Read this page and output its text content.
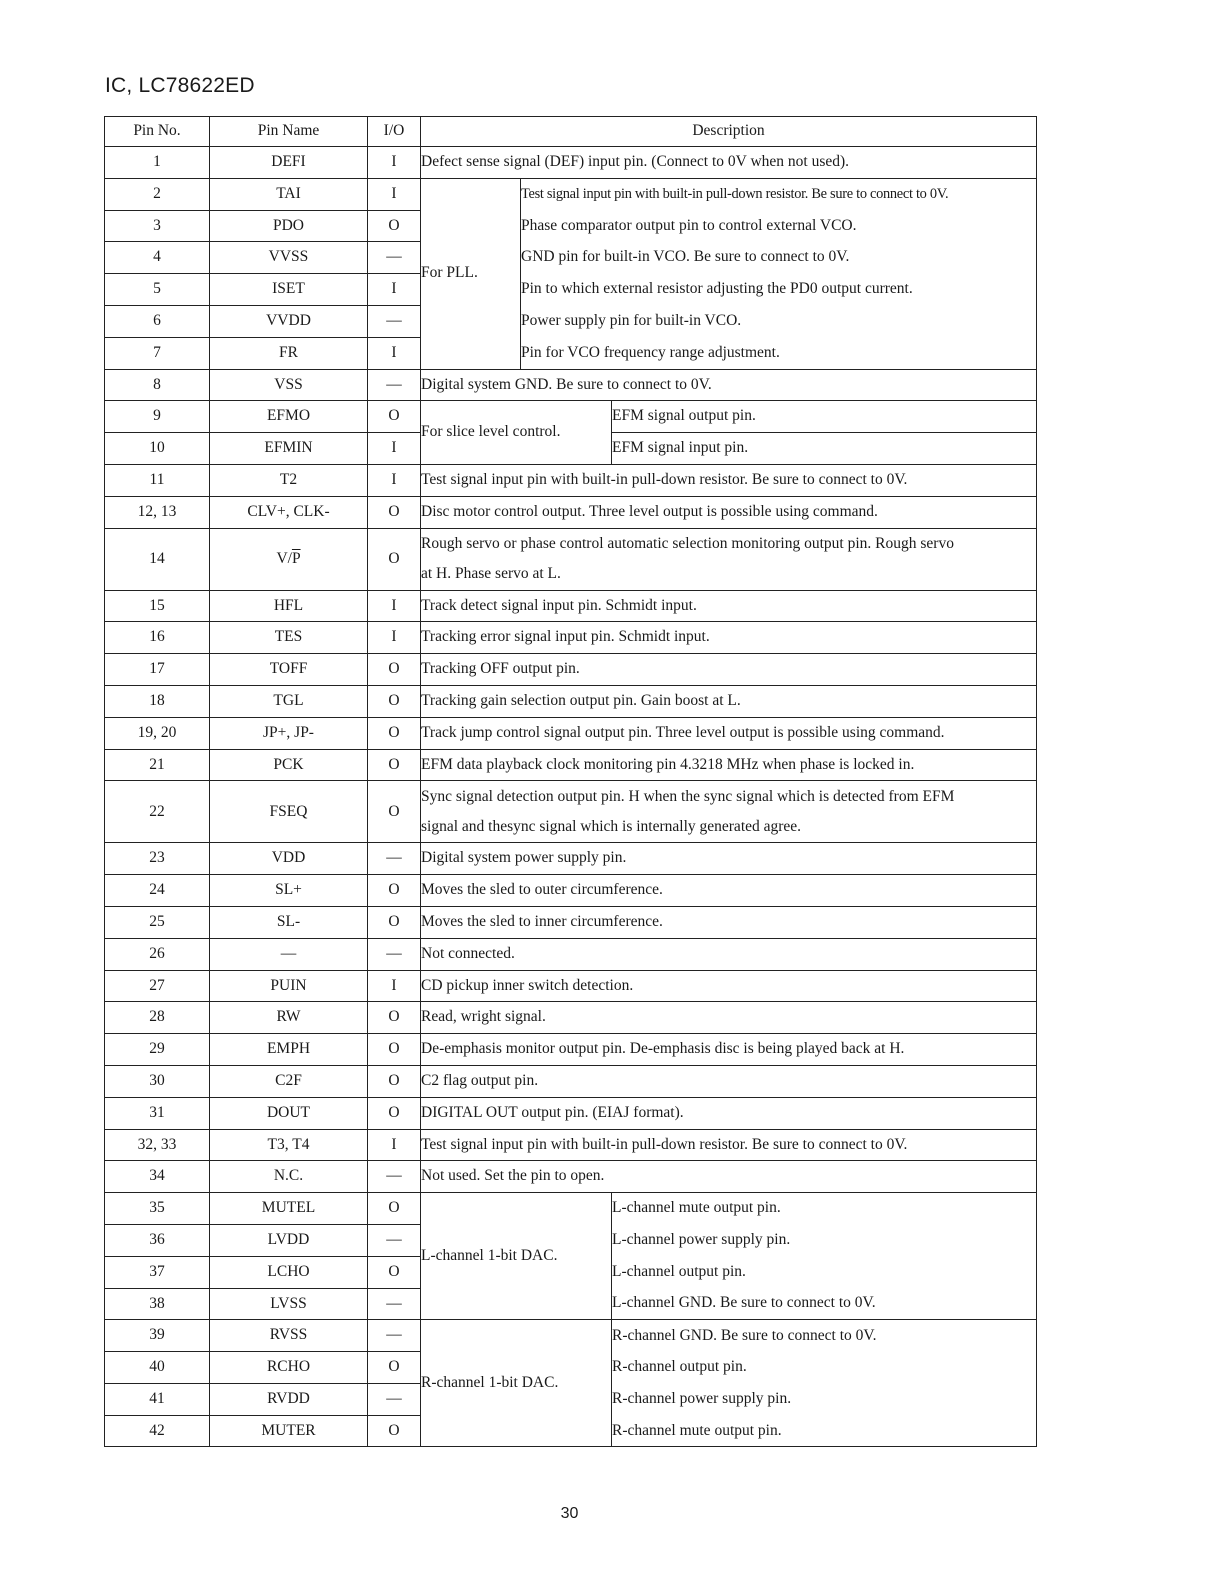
IC, LC78622ED
Pin No.	Pin Name	I/O	Description		
1	DEFI	I	Defect sense signal (DEF) input pin. (Connect to 0V when not used).		
2	TAI	I	For PLL.	Test signal input pin with built-in pull-down resistor. Be sure to connect to 0V.	
3	PDO	O		Phase comparator output pin to control external VCO.	
4	VVSS	—		GND pin for built-in VCO. Be sure to connect to 0V.	
5	ISET	I		Pin to which external resistor adjusting the PD0 output current.	
6	VVDD	—		Power supply pin for built-in VCO.	
7	FR	I		Pin for VCO frequency range adjustment.	
8	VSS	—	Digital system GND. Be sure to connect to 0V.		
9	EFMO	O	For slice level control.		EFM signal output pin.
10	EFMIN	I			EFM signal input pin.
11	T2	I	Test signal input pin with built-in pull-down resistor. Be sure to connect to 0V.		
12, 13	CLV+, CLK-	O	Disc motor control output. Three level output is possible using command.		
14	$V/\overline{P}$	O	Rough servo or phase control automatic selection monitoring output pin. Rough servo
at H. Phase servo at L.		

15	HFL	I	Track detect signal input pin. Schmidt input.		
16	TES	I	Tracking error signal input pin. Schmidt input.		
17	TOFF	O	Tracking OFF output pin.		
18	TGL	O	Tracking gain selection output pin. Gain boost at L.		
19, 20	JP+, JP-	O	Track jump control signal output pin. Three level output is possible using command.		
21	PCK	O	EFM data playback clock monitoring pin 4.3218 MHz when phase is locked in.		
22	FSEQ	O	Sync signal detection output pin. H when the sync signal which is detected from EFM
signal and thesync signal which is internally generated agree.		

23	VDD	—	Digital system power supply pin.		
24	SL+	O	Moves the sled to outer circumference.		
25	SL-	O	Moves the sled to inner circumference.		
26	—	—	Not connected.		
27	PUIN	I	CD pickup inner switch detection.		
28	RW	O	Read, wright signal.		
29	EMPH	O	De-emphasis monitor output pin. De-emphasis disc is being played back at H.		
30	C2F	O	C2 flag output pin.		
31	DOUT	O	DIGITAL OUT output pin. (EIAJ format).		
32, 33	T3, T4	I	Test signal input pin with built-in pull-down resistor. Be sure to connect to 0V.		
34	N.C.	—	Not used. Set the pin to open.		
35	MUTEL	O	L-channel 1-bit DAC.		L-channel mute output pin.
36	LVDD	—			L-channel power supply pin.
37	LCHO	O			L-channel output pin.
38	LVSS	—			L-channel GND. Be sure to connect to 0V.
39	RVSS	—	R-channel 1-bit DAC.		R-channel GND. Be sure to connect to 0V.
40	RCHO	O			R-channel output pin.
41	RVDD	—			R-channel power supply pin.
42	MUTER	O			R-channel mute output pin.
30
